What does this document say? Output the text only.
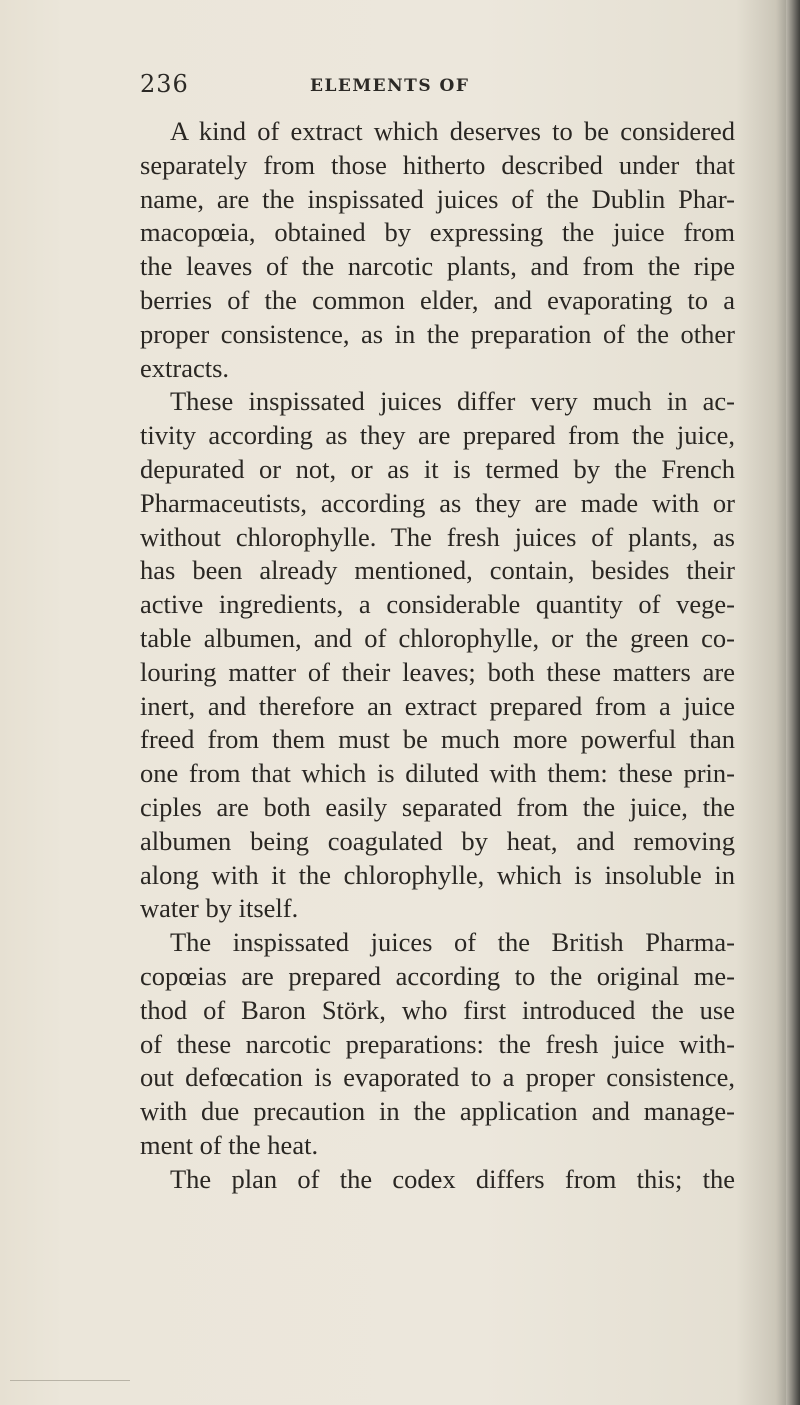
236	ELEMENTS OF
A kind of extract which deserves to be considered
separately from those hitherto described under that
name, are the inspissated juices of the Dublin Phar-
macopœia, obtained by expressing the juice from
the leaves of the narcotic plants, and from the ripe
berries of the common elder, and evaporating to a
proper consistence, as in the preparation of the other
extracts.
These inspissated juices differ very much in ac-
tivity according as they are prepared from the juice,
depurated or not, or as it is termed by the French
Pharmaceutists, according as they are made with or
without chlorophylle. The fresh juices of plants, as
has been already mentioned, contain, besides their
active ingredients, a considerable quantity of vege-
table albumen, and of chlorophylle, or the green co-
louring matter of their leaves; both these matters are
inert, and therefore an extract prepared from a juice
freed from them must be much more powerful than
one from that which is diluted with them: these prin-
ciples are both easily separated from the juice, the
albumen being coagulated by heat, and removing
along with it the chlorophylle, which is insoluble in
water by itself.
The inspissated juices of the British Pharma-
copœias are prepared according to the original me-
thod of Baron Störk, who first introduced the use
of these narcotic preparations: the fresh juice with-
out defœcation is evaporated to a proper consistence,
with due precaution in the application and manage-
ment of the heat.
The plan of the codex differs from this; the
